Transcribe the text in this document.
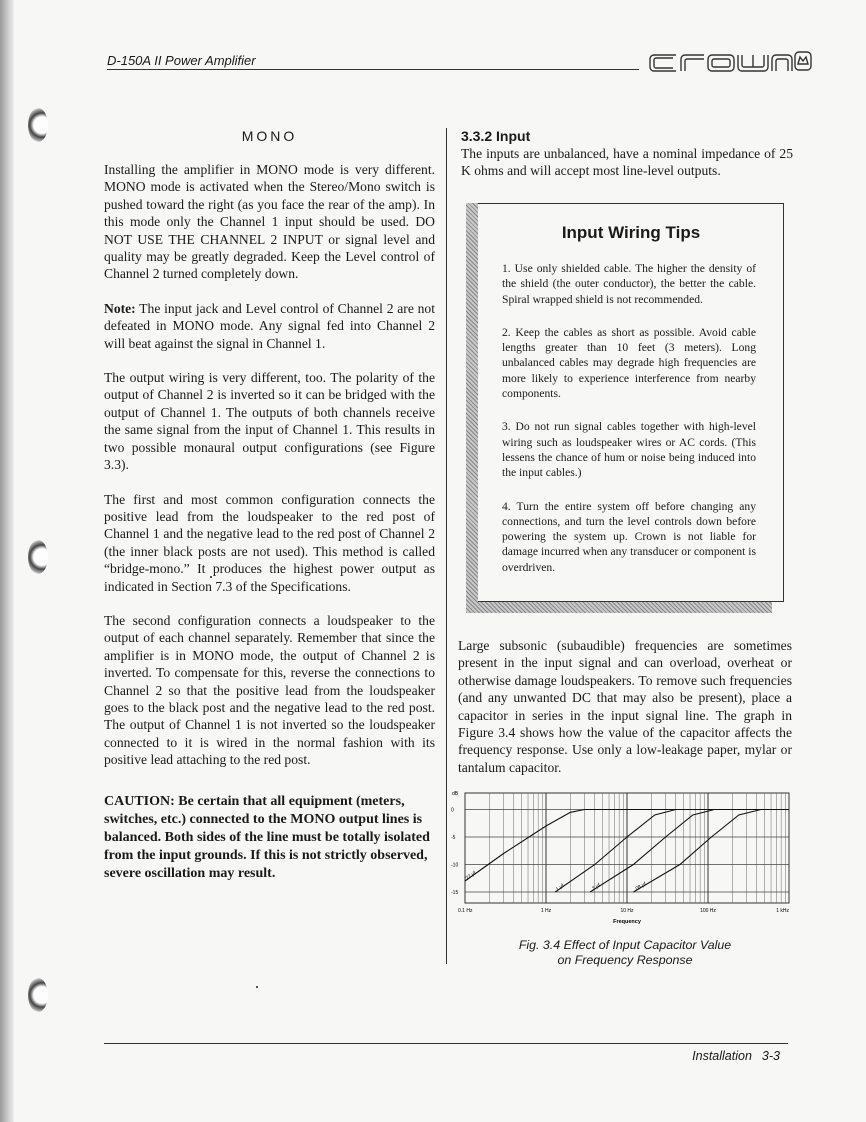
D-150A II Power Amplifier

MONO

Installing the amplifier in MONO mode is very different. MONO mode is activated when the Stereo/Mono switch is pushed toward the right (as you face the rear of the amp). In this mode only the Channel 1 input should be used. DO NOT USE THE CHANNEL 2 INPUT or signal level and quality may be greatly degraded. Keep the Level control of Channel 2 turned completely down.

Note: The input jack and Level control of Channel 2 are not defeated in MONO mode. Any signal fed into Channel 2 will beat against the signal in Channel 1.

The output wiring is very different, too. The polarity of the output of Channel 2 is inverted so it can be bridged with the output of Channel 1. The outputs of both channels receive the same signal from the input of Channel 1. This results in two possible monaural output configurations (see Figure 3.3).

The first and most common configuration connects the positive lead from the loudspeaker to the red post of Channel 1 and the negative lead to the red post of Channel 2 (the inner black posts are not used). This method is called “bridge-mono.” It produces the highest power output as indicated in Section 7.3 of the Specifications.

The second configuration connects a loudspeaker to the output of each channel separately. Remember that since the amplifier is in MONO mode, the output of Channel 2 is inverted. To compensate for this, reverse the connections to Channel 2 so that the positive lead from the loudspeaker goes to the black post and the negative lead to the red post. The output of Channel 1 is not inverted so the loudspeaker connected to it is wired in the normal fashion with its positive lead attaching to the red post.

CAUTION: Be certain that all equipment (meters, switches, etc.) connected to the MONO output lines is balanced. Both sides of the line must be totally isolated from the input grounds. If this is not strictly observed, severe oscillation may result.

3.3.2 Input

The inputs are unbalanced, have a nominal impedance of 25 K ohms and will accept most line-level outputs.

Input Wiring Tips

1. Use only shielded cable. The higher the density of the shield (the outer conductor), the better the cable. Spiral wrapped shield is not recommended.

2. Keep the cables as short as possible. Avoid cable lengths greater than 10 feet (3 meters). Long unbalanced cables may degrade high frequencies are more likely to experience interference from nearby components.

3. Do not run signal cables together with high-level wiring such as loudspeaker wires or AC cords. (This lessens the chance of hum or noise being induced into the input cables.)

4. Turn the entire system off before changing any connections, and turn the level controls down before powering the system up. Crown is not liable for damage incurred when any transducer or component is overdriven.

Large subsonic (subaudible) frequencies are sometimes present in the input signal and can overload, overheat or otherwise damage loudspeakers. To remove such frequencies (and any unwanted DC that may also be present), place a capacitor in series in the input signal line. The graph in Figure 3.4 shows how the value of the capacitor affects the frequency response. Use only a low-leakage paper, mylar or tantalum capacitor.

0
-5
-10
-15
dB
0.1 Hz	1 Hz	10 Hz	100 Hz	1 kHz
Frequency
27 µf
1 µf	.3 µf	.08 µf
Fig. 3.4 Effect of Input Capacitor Value
on Frequency Response
Installation 3-3
